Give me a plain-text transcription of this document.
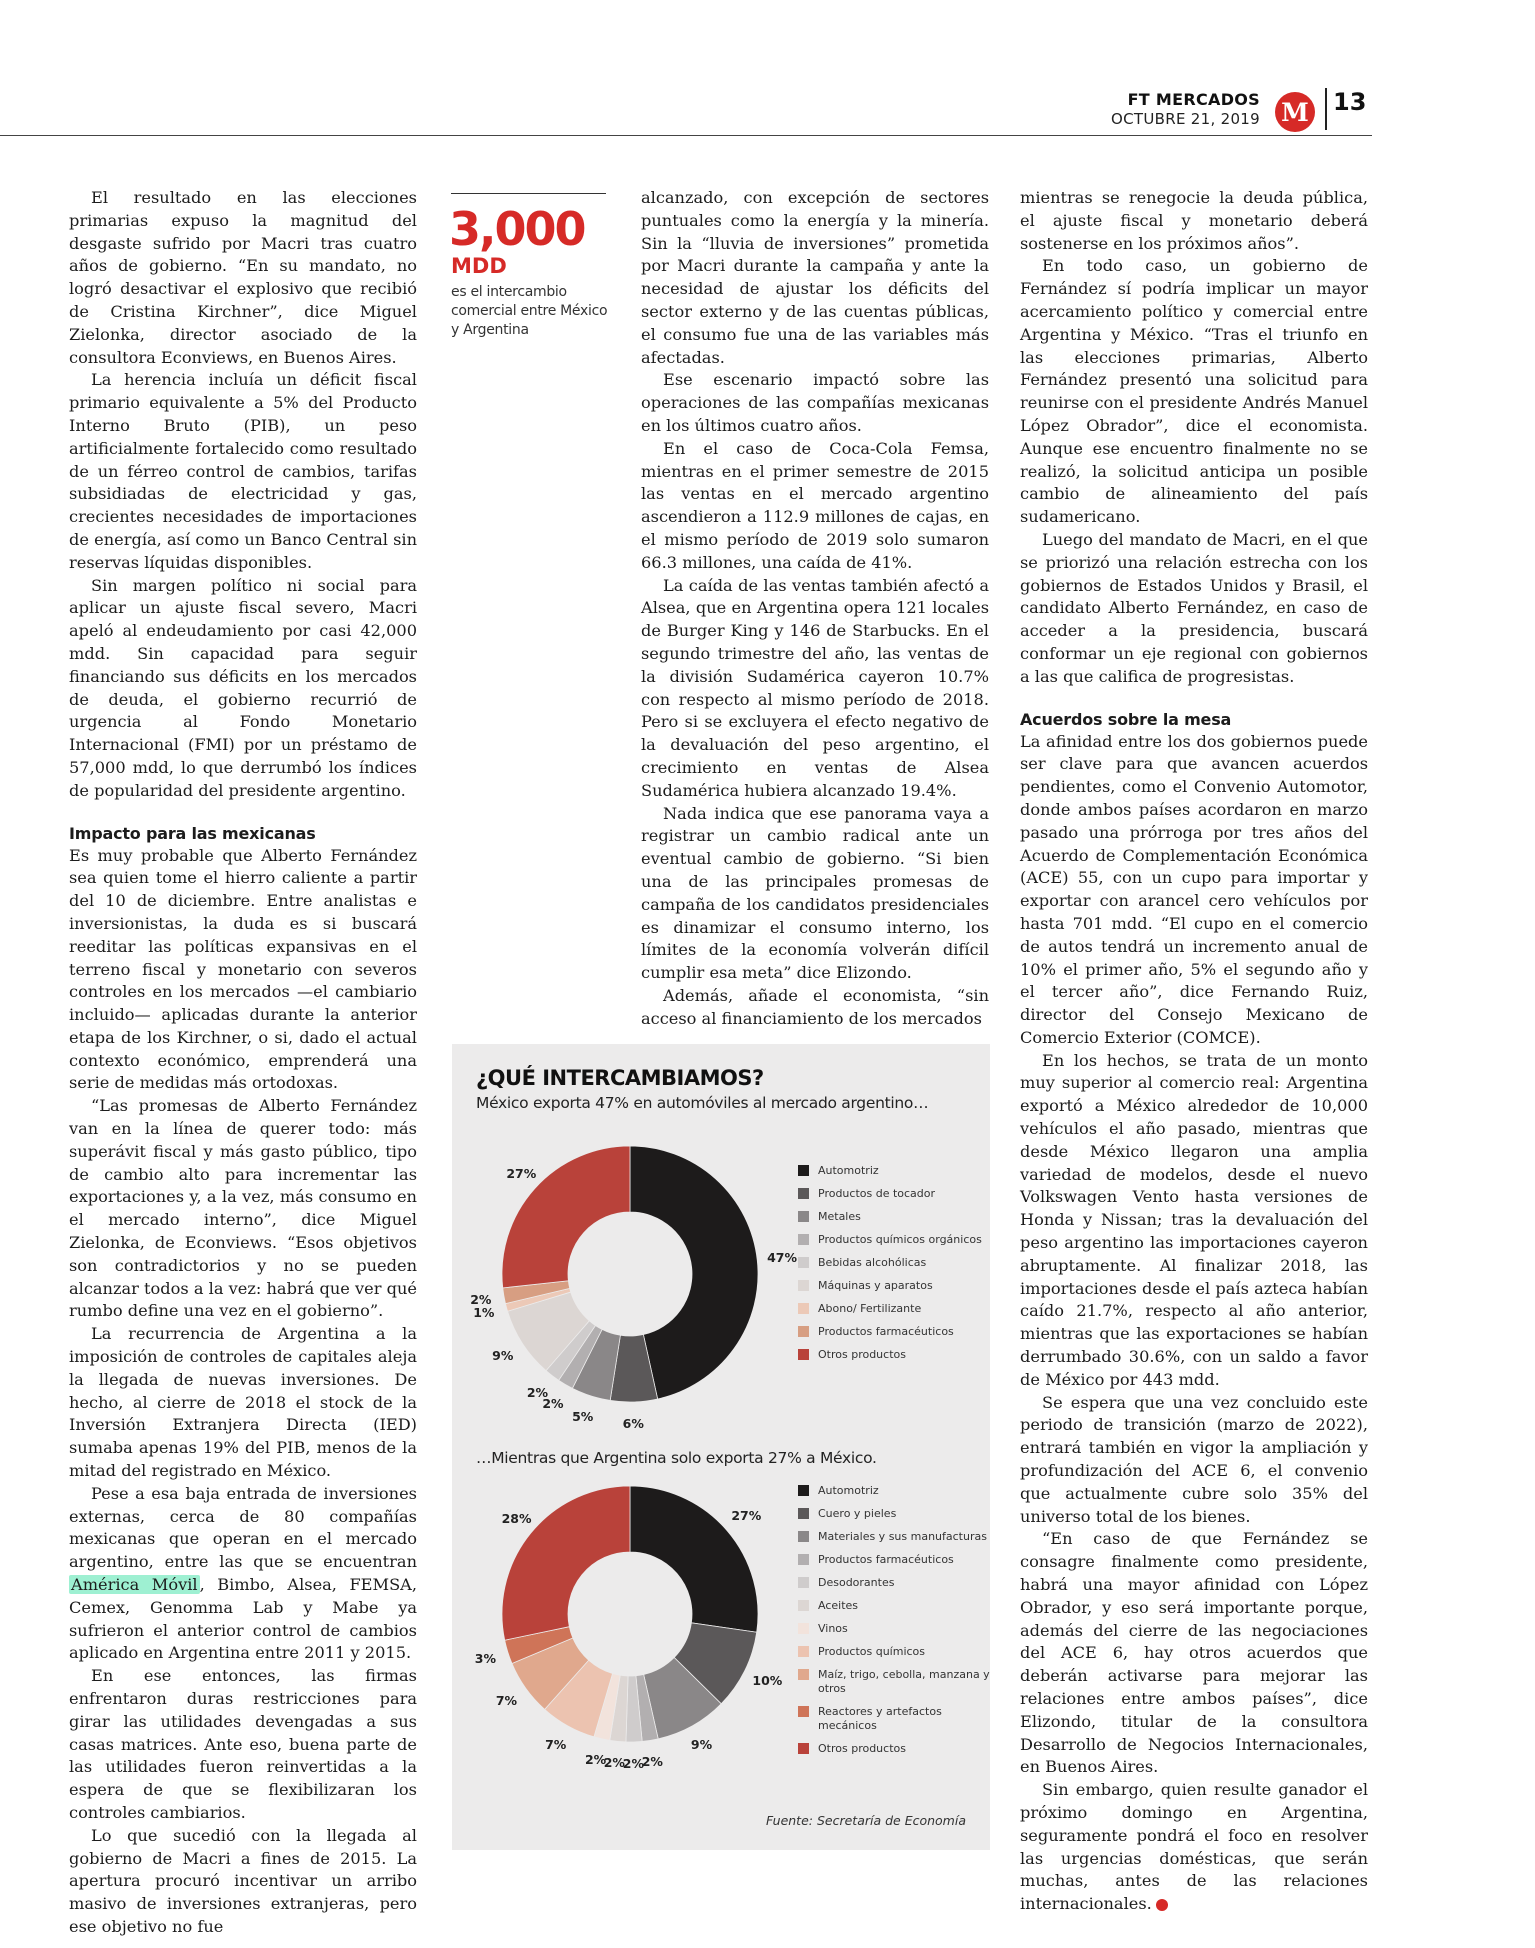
FT MERCADOS
OCTUBRE 21, 2019 M 13

El resultado en las elecciones primarias expuso la magnitud del desgaste sufrido por Macri tras cuatro años de gobierno. “En su mandato, no logró desactivar el explosivo que recibió de Cristina Kirchner”, dice Miguel Zielonka, director asociado de la consultora Econviews, en Buenos Aires.

La herencia incluía un déficit fiscal primario equivalente a 5% del Producto Interno Bruto (PIB), un peso artificialmente fortalecido como resultado de un férreo control de cambios, tarifas subsidiadas de electricidad y gas, crecientes necesidades de importaciones de energía, así como un Banco Central sin reservas líquidas disponibles.

Sin margen político ni social para aplicar un ajuste fiscal severo, Macri apeló al endeudamiento por casi 42,000 mdd. Sin capacidad para seguir financiando sus déficits en los mercados de deuda, el gobierno recurrió de urgencia al Fondo Monetario Internacional (FMI) por un préstamo de 57,000 mdd, lo que derrumbó los índices de popularidad del presidente argentino.

Impacto para las mexicanas

Es muy probable que Alberto Fernández sea quien tome el hierro caliente a partir del 10 de diciembre. Entre analistas e inversionistas, la duda es si buscará reeditar las políticas expansivas en el terreno fiscal y monetario con severos controles en los mercados —el cambiario incluido— aplicadas durante la anterior etapa de los Kirchner, o si, dado el actual contexto económico, emprenderá una serie de medidas más ortodoxas.

“Las promesas de Alberto Fernández van en la línea de querer todo: más superávit fiscal y más gasto público, tipo de cambio alto para incrementar las exportaciones y, a la vez, más consumo en el mercado interno”, dice Miguel Zielonka, de Econviews. “Esos objetivos son contradictorios y no se pueden alcanzar todos a la vez: habrá que ver qué rumbo define una vez en el gobierno”.

La recurrencia de Argentina a la imposición de controles de capitales aleja la llegada de nuevas inversiones. De hecho, al cierre de 2018 el stock de la Inversión Extranjera Directa (IED) sumaba apenas 19% del PIB, menos de la mitad del registrado en México.

Pese a esa baja entrada de inversiones externas, cerca de 80 compañías mexicanas que operan en el mercado argentino, entre las que se encuentran América Móvil , Bimbo, Alsea, FEMSA, Cemex, Genomma Lab y Mabe ya sufrieron el anterior control de cambios aplicado en Argentina entre 2011 y 2015.

En ese entonces, las firmas enfrentaron duras restricciones para girar las utilidades devengadas a sus casas matrices. Ante eso, buena parte de las utilidades fueron reinvertidas a la espera de que se flexibilizaran los controles cambiarios.

Lo que sucedió con la llegada al gobierno de Macri a fines de 2015. La apertura procuró incentivar un arribo masivo de inversiones extranjeras, pero ese objetivo no fue

3,000
MDD
es el intercambio comercial entre México y Argentina

alcanzado, con excepción de sectores puntuales como la energía y la minería. Sin la “lluvia de inversiones” prometida por Macri durante la campaña y ante la necesidad de ajustar los déficits del sector externo y de las cuentas públicas, el consumo fue una de las variables más afectadas.

Ese escenario impactó sobre las operaciones de las compañías mexicanas en los últimos cuatro años.

En el caso de Coca-Cola Femsa, mientras en el primer semestre de 2015 las ventas en el mercado argentino ascendieron a 112.9 millones de cajas, en el mismo período de 2019 solo sumaron 66.3 millones, una caída de 41%.

La caída de las ventas también afectó a Alsea, que en Argentina opera 121 locales de Burger King y 146 de Starbucks. En el segundo trimestre del año, las ventas de la división Sudamérica cayeron 10.7% con respecto al mismo período de 2018. Pero si se excluyera el efecto negativo de la devaluación del peso argentino, el crecimiento en ventas de Alsea Sudamérica hubiera alcanzado 19.4%.

Nada indica que ese panorama vaya a registrar un cambio radical ante un eventual cambio de gobierno. “Si bien una de las principales promesas de campaña de los candidatos presidenciales es dinamizar el consumo interno, los límites de la economía volverán difícil cumplir esa meta” dice Elizondo.

Además, añade el economista, “sin acceso al financiamiento de los mercados

mientras se renegocie la deuda pública, el ajuste fiscal y monetario deberá sostenerse en los próximos años”.

En todo caso, un gobierno de Fernández sí podría implicar un mayor acercamiento político y comercial entre Argentina y México. “Tras el triunfo en las elecciones primarias, Alberto Fernández presentó una solicitud para reunirse con el presidente Andrés Manuel López Obrador”, dice el economista. Aunque ese encuentro finalmente no se realizó, la solicitud anticipa un posible cambio de alineamiento del país sudamericano.

Luego del mandato de Macri, en el que se priorizó una relación estrecha con los gobiernos de Estados Unidos y Brasil, el candidato Alberto Fernández, en caso de acceder a la presidencia, buscará conformar un eje regional con gobiernos a las que califica de progresistas.

Acuerdos sobre la mesa

La afinidad entre los dos gobiernos puede ser clave para que avancen acuerdos pendientes, como el Convenio Automotor, donde ambos países acordaron en marzo pasado una prórroga por tres años del Acuerdo de Complementación Económica (ACE) 55, con un cupo para importar y exportar con arancel cero vehículos por hasta 701 mdd. “El cupo en el comercio de autos tendrá un incremento anual de 10% el primer año, 5% el segundo año y el tercer año”, dice Fernando Ruiz, director del Consejo Mexicano de Comercio Exterior (COMCE).

En los hechos, se trata de un monto muy superior al comercio real: Argentina exportó a México alrededor de 10,000 vehículos el año pasado, mientras que desde México llegaron una amplia variedad de modelos, desde el nuevo Volkswagen Vento hasta versiones de Honda y Nissan; tras la devaluación del peso argentino las importaciones cayeron abruptamente. Al finalizar 2018, las importaciones desde el país azteca habían caído 21.7%, respecto al año anterior, mientras que las exportaciones se habían derrumbado 30.6%, con un saldo a favor de México por 443 mdd.

Se espera que una vez concluido este periodo de transición (marzo de 2022), entrará también en vigor la ampliación y profundización del ACE 6, el convenio que actualmente cubre solo 35% del universo total de los bienes.

“En caso de que Fernández se consagre finalmente como presidente, habrá una mayor afinidad con López Obrador, y eso será importante porque, además del cierre de las negociaciones del ACE 6, hay otros acuerdos que deberán activarse para mejorar las relaciones entre ambos países”, dice Elizondo, titular de la consultora Desarrollo de Negocios Internacionales, en Buenos Aires.

Sin embargo, quien resulte ganador el próximo domingo en Argentina, seguramente pondrá el foco en resolver las urgencias domésticas, que serán muchas, antes de las relaciones internacionales.

¿QUÉ INTERCAMBIAMOS?
México exporta 47% en automóviles al mercado argentino…
47%
6%
5%
2%
2%
9%
1%
2%
27%	Automotriz
Productos de tocador
Metales
Productos químicos orgánicos
Bebidas alcohólicas
Máquinas y aparatos
Abono/ Fertilizante
Productos farmacéuticos
Otros productos
…Mientras que Argentina solo exporta 27% a México.
27%
10%
9%
2%
2%
2%
2%
7%
7%
3%
28%
Automotriz
Cuero y pieles
Materiales y sus manufacturas
Productos farmacéuticos
Desodorantes
Aceites
Vinos
Productos químicos
Maíz, trigo, cebolla, manzana y otros
Reactores y artefactos mecánicos
Otros productos
Fuente: Secretaría de Economía
